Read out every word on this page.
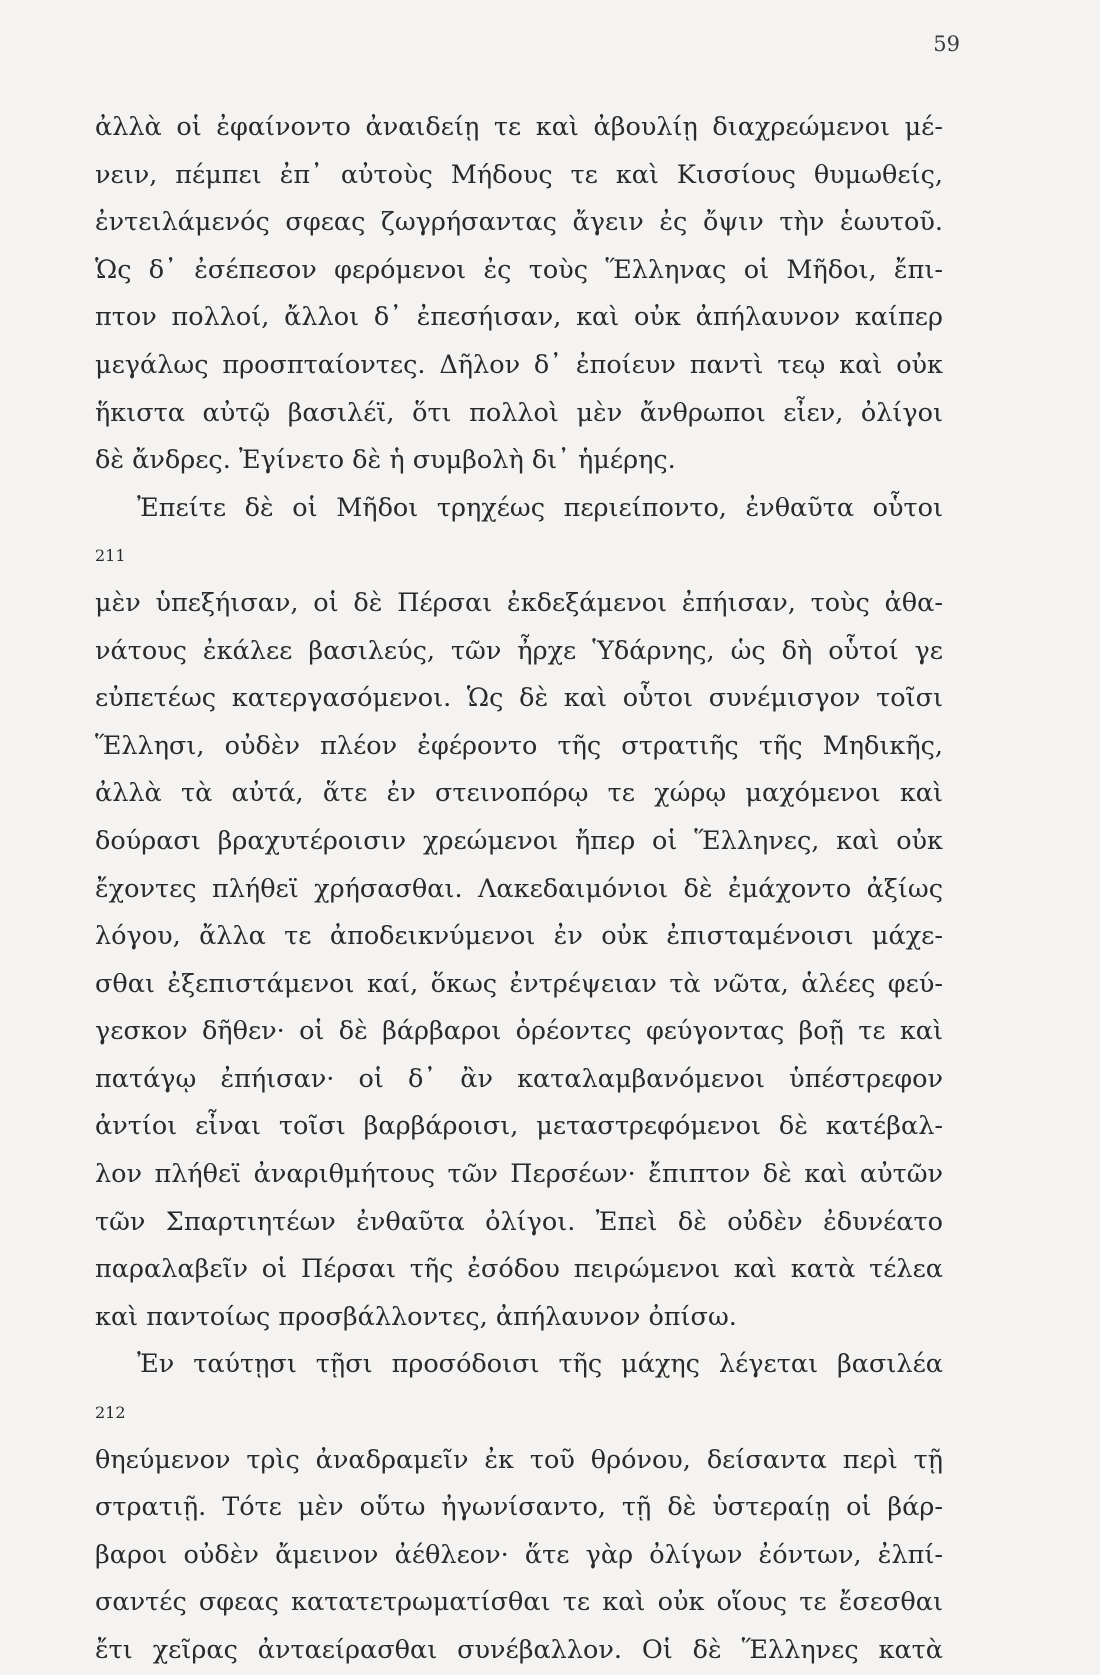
59
ἀλλὰ οἱ ἐφαίνοντο ἀναιδείῃ τε καὶ ἀβουλίῃ διαχρεώμενοι μέ-
νειν, πέμπει ἐπ᾽ αὐτοὺς Μήδους τε καὶ Κισσίους θυμωθείς,
ἐντειλάμενός σφεας ζωγρήσαντας ἄγειν ἐς ὄψιν τὴν ἑωυτοῦ.
Ὡς δ᾽ ἐσέπεσον φερόμενοι ἐς τοὺς Ἕλληνας οἱ Μῆδοι, ἔπι-
πτον πολλοί, ἄλλοι δ᾽ ἐπεσήισαν, καὶ οὐκ ἀπήλαυνον καίπερ
μεγάλως προσπταίοντες. Δῆλον δ᾽ ἐποίευν παντὶ τεῳ καὶ οὐκ
ἥκιστα αὐτῷ βασιλέϊ, ὅτι πολλοὶ μὲν ἄνθρωποι εἶεν, ὀλίγοι
δὲ ἄνδρες. Ἐγίνετο δὲ ἡ συμβολὴ δι᾽ ἡμέρης.
Ἐπείτε δὲ οἱ Μῆδοι τρηχέως περιείποντο, ἐνθαῦτα οὗτοι
211
μὲν ὑπεξήισαν, οἱ δὲ Πέρσαι ἐκδεξάμενοι ἐπήισαν, τοὺς ἀθα-
νάτους ἐκάλεε βασιλεύς, τῶν ἦρχε Ὑδάρνης, ὡς δὴ οὗτοί γε
εὐπετέως κατεργασόμενοι. Ὡς δὲ καὶ οὗτοι συνέμισγον τοῖσι
Ἕλλησι, οὐδὲν πλέον ἐφέροντο τῆς στρατιῆς τῆς Μηδικῆς,
ἀλλὰ τὰ αὐτά, ἅτε ἐν στεινοπόρῳ τε χώρῳ μαχόμενοι καὶ
δούρασι βραχυτέροισιν χρεώμενοι ἤπερ οἱ Ἕλληνες, καὶ οὐκ
ἔχοντες πλήθεϊ χρήσασθαι. Λακεδαιμόνιοι δὲ ἐμάχοντο ἀξίως
λόγου, ἄλλα τε ἀποδεικνύμενοι ἐν οὐκ ἐπισταμένοισι μάχε-
σθαι ἐξεπιστάμενοι καί, ὅκως ἐντρέψειαν τὰ νῶτα, ἁλέες φεύ-
γεσκον δῆθεν· οἱ δὲ βάρβαροι ὁρέοντες φεύγοντας βοῇ τε καὶ
πατάγῳ ἐπήισαν· οἱ δ᾽ ἂν καταλαμβανόμενοι ὑπέστρεφον
ἀντίοι εἶναι τοῖσι βαρβάροισι, μεταστρεφόμενοι δὲ κατέβαλ-
λον πλήθεϊ ἀναριθμήτους τῶν Περσέων· ἔπιπτον δὲ καὶ αὐτῶν
τῶν Σπαρτιητέων ἐνθαῦτα ὀλίγοι. Ἐπεὶ δὲ οὐδὲν ἐδυνέατο
παραλαβεῖν οἱ Πέρσαι τῆς ἐσόδου πειρώμενοι καὶ κατὰ τέλεα
καὶ παντοίως προσβάλλοντες, ἀπήλαυνον ὀπίσω.
Ἐν ταύτῃσι τῇσι προσόδοισι τῆς μάχης λέγεται βασιλέα
212
θηεύμενον τρὶς ἀναδραμεῖν ἐκ τοῦ θρόνου, δείσαντα περὶ τῇ
στρατιῇ. Τότε μὲν οὕτω ἠγωνίσαντο, τῇ δὲ ὑστεραίῃ οἱ βάρ-
βαροι οὐδὲν ἄμεινον ἀέθλεον· ἅτε γὰρ ὀλίγων ἐόντων, ἐλπί-
σαντές σφεας κατατετρωματίσθαι τε καὶ οὐκ οἵους τε ἔσεσθαι
ἔτι χεῖρας ἀνταείρασθαι συνέβαλλον. Οἱ δὲ Ἕλληνες κατὰ
